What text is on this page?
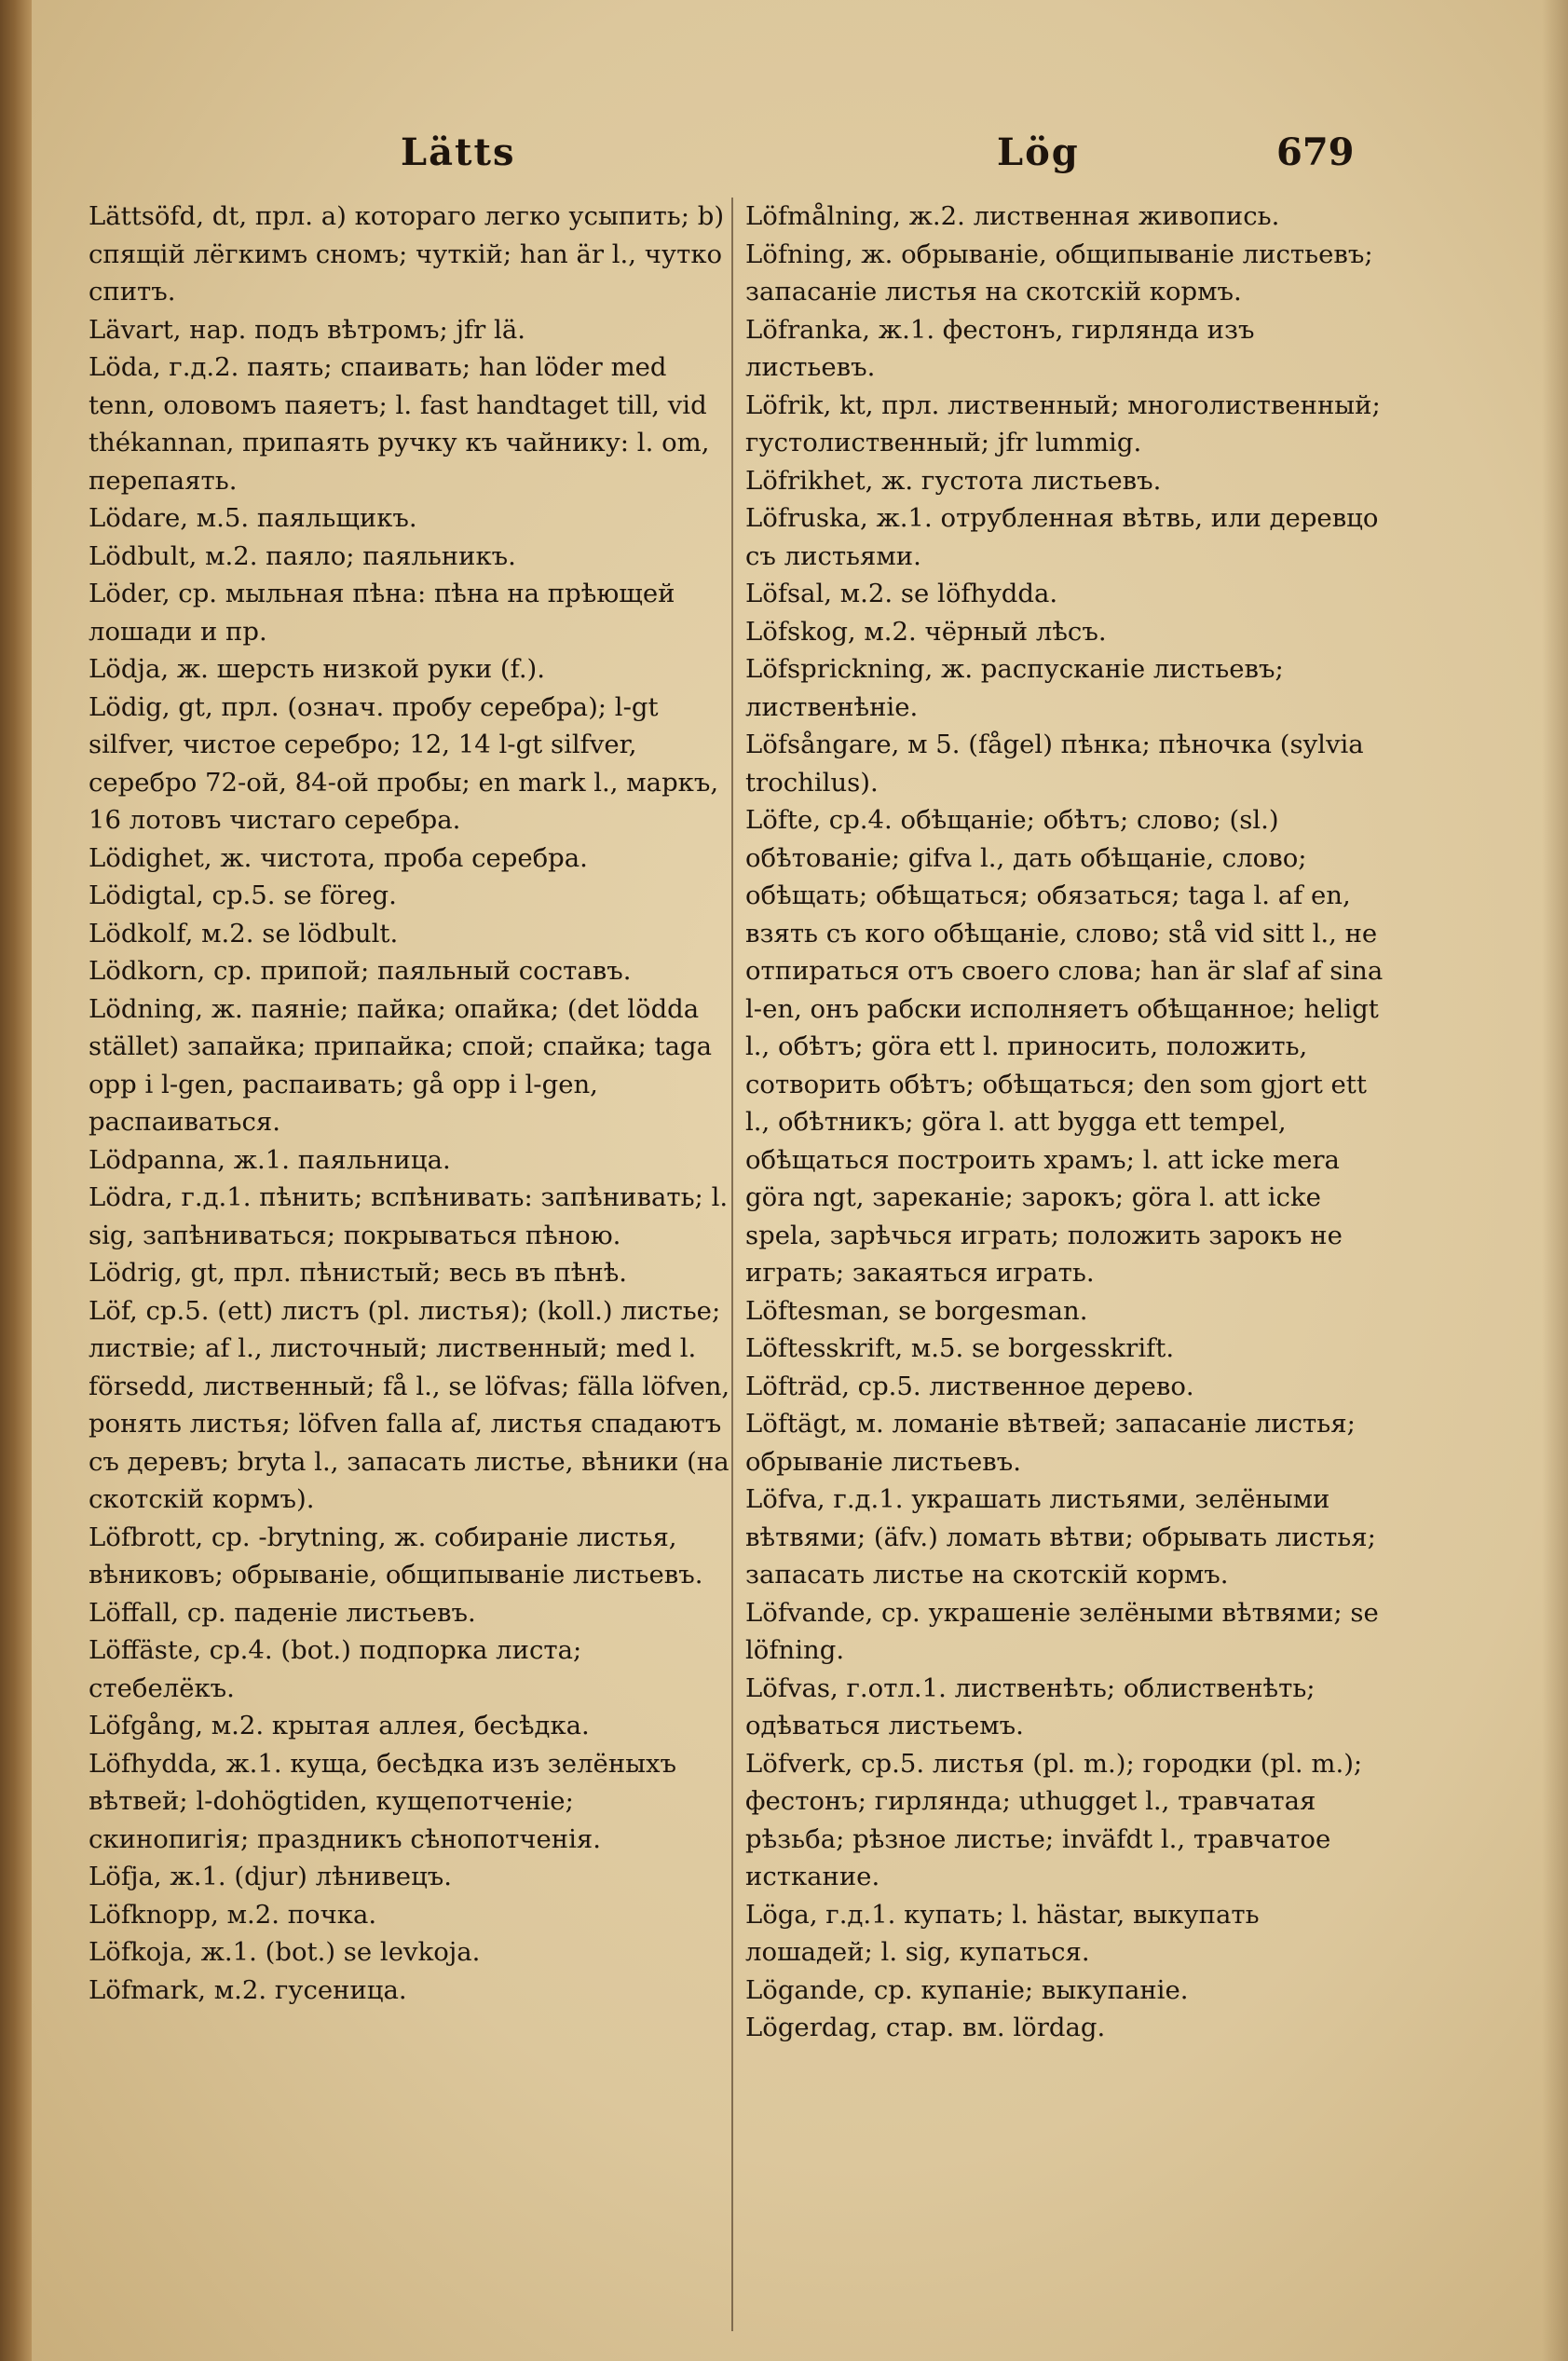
Lätts	Lög	679

Lättsöfd, dt, прл. a) котораго легко усыпить; b) спящій лёгкимъ сномъ; чуткій; han är l., чутко спитъ.

Lävart, нар. подъ вѣтромъ; jfr lä.

Löda, г.д.2. паять; спаивать; han löder med tenn, оловомъ паяетъ; l. fast handtaget till, vid thékannan, припаять ручку къ чайнику: l. om, перепаять.

Lödare, м.5. паяльщикъ.

Lödbult, м.2. паяло; паяльникъ.

Löder, ср. мыльная пѣна: пѣна на прѣющей лошади и пр.

Lödja, ж. шерсть низкой руки (f.).

Lödig, gt, прл. (означ. пробу серебра); l-gt silfver, чистое серебро; 12, 14 l-gt silfver, серебро 72-ой, 84-ой пробы; en mark l., маркъ, 16 лотовъ чистаго серебра.

Lödighet, ж. чистота, проба серебра.

Lödigtal, ср.5. se föreg.

Lödkolf, м.2. se lödbult.

Lödkorn, ср. припой; паяльный составъ.

Lödning, ж. паяніе; пайка; опайка; (det lödda stället) запайка; припайка; спой; спайка; taga opp i l-gen, распаивать; gå opp i l-gen, распаиваться.

Lödpanna, ж.1. паяльница.

Lödra, г.д.1. пѣнить; вспѣнивать: запѣнивать; l. sig, запѣниваться; покрываться пѣною.

Lödrig, gt, прл. пѣнистый; весь въ пѣнѣ.

Löf, ср.5. (ett) листъ (pl. листья); (koll.) листье; листвіе; af l., листочный; лиственный; med l. försedd, лиственный; få l., se löfvas; fälla löfven, ронять листья; löfven falla af, листья спадаютъ съ деревъ; bryta l., запасать листье, вѣники (на скотскій кормъ).

Löfbrott, ср. -brytning, ж. собираніе листья, вѣниковъ; обрываніе, общипываніе листьевъ.

Löffall, ср. паденіе листьевъ.

Löffäste, ср.4. (bot.) подпорка листа; стебелёкъ.

Löfgång, м.2. крытая аллея, бесѣдка.

Löfhydda, ж.1. куща, бесѣдка изъ зелёныхъ вѣтвей; l-dohögtiden, кущепотченіе; скинопигія; праздникъ сѣнопотченія.

Löfja, ж.1. (djur) лѣнивецъ.

Löfknopp, м.2. почка.

Löfkoja, ж.1. (bot.) se levkoja.

Löfmark, м.2. гусеница.

Löfmålning, ж.2. лиственная живопись.

Löfning, ж. обрываніе, общипываніе листьевъ; запасаніе листья на скотскій кормъ.

Löfranka, ж.1. фестонъ, гирлянда изъ листьевъ.

Löfrik, kt, прл. лиственный; многолиственный; густолиственный; jfr lummig.

Löfrikhet, ж. густота листьевъ.

Löfruska, ж.1. отрубленная вѣтвь, или деревцо съ листьями.

Löfsal, м.2. se löfhydda.

Löfskog, м.2. чёрный лѣсъ.

Löfsprickning, ж. распусканіе листьевъ; лиственѣніе.

Löfsångare, м 5. (fågel) пѣнка; пѣночка (sylvia trochilus).

Löfte, ср.4. обѣщаніе; обѣтъ; слово; (sl.) обѣтованіе; gifva l., дать обѣщаніе, слово; обѣщать; обѣщаться; обязаться; taga l. af en, взять съ кого обѣщаніе, слово; stå vid sitt l., не отпираться отъ своего слова; han är slaf af sina l-en, онъ рабски исполняетъ обѣщанное; heligt l., обѣтъ; göra ett l. приносить, положить, сотворить обѣтъ; обѣщаться; den som gjort ett l., обѣтникъ; göra l. att bygga ett tempel, обѣщаться построить храмъ; l. att icke mera göra ngt, зареканіе; зарокъ; göra l. att icke spela, зарѣчься играть; положить зарокъ не играть; закаяться играть.

Löftesman, se borgesman.

Löftesskrift, м.5. se borgesskrift.

Löfträd, ср.5. лиственное дерево.

Löftägt, м. ломаніе вѣтвей; запасаніе листья; обрываніе листьевъ.

Löfva, г.д.1. украшать листьями, зелёными вѣтвями; (äfv.) ломать вѣтви; обрывать листья; запасать листье на скотскій кормъ.

Löfvande, ср. украшеніе зелёными вѣтвями; se löfning.

Löfvas, г.отл.1. лиственѣть; облиственѣть; одѣваться листьемъ.

Löfverk, ср.5. листья (pl. m.); городки (pl. m.); фестонъ; гирлянда; uthugget l., травчатая рѣзьба; рѣзное листье; inväfdt l., травчатое исткание.

Löga, г.д.1. купать; l. hästar, выкупать лошадей; l. sig, купаться.

Lögande, ср. купаніе; выкупаніе.

Lögerdag, стар. вм. lördag.
